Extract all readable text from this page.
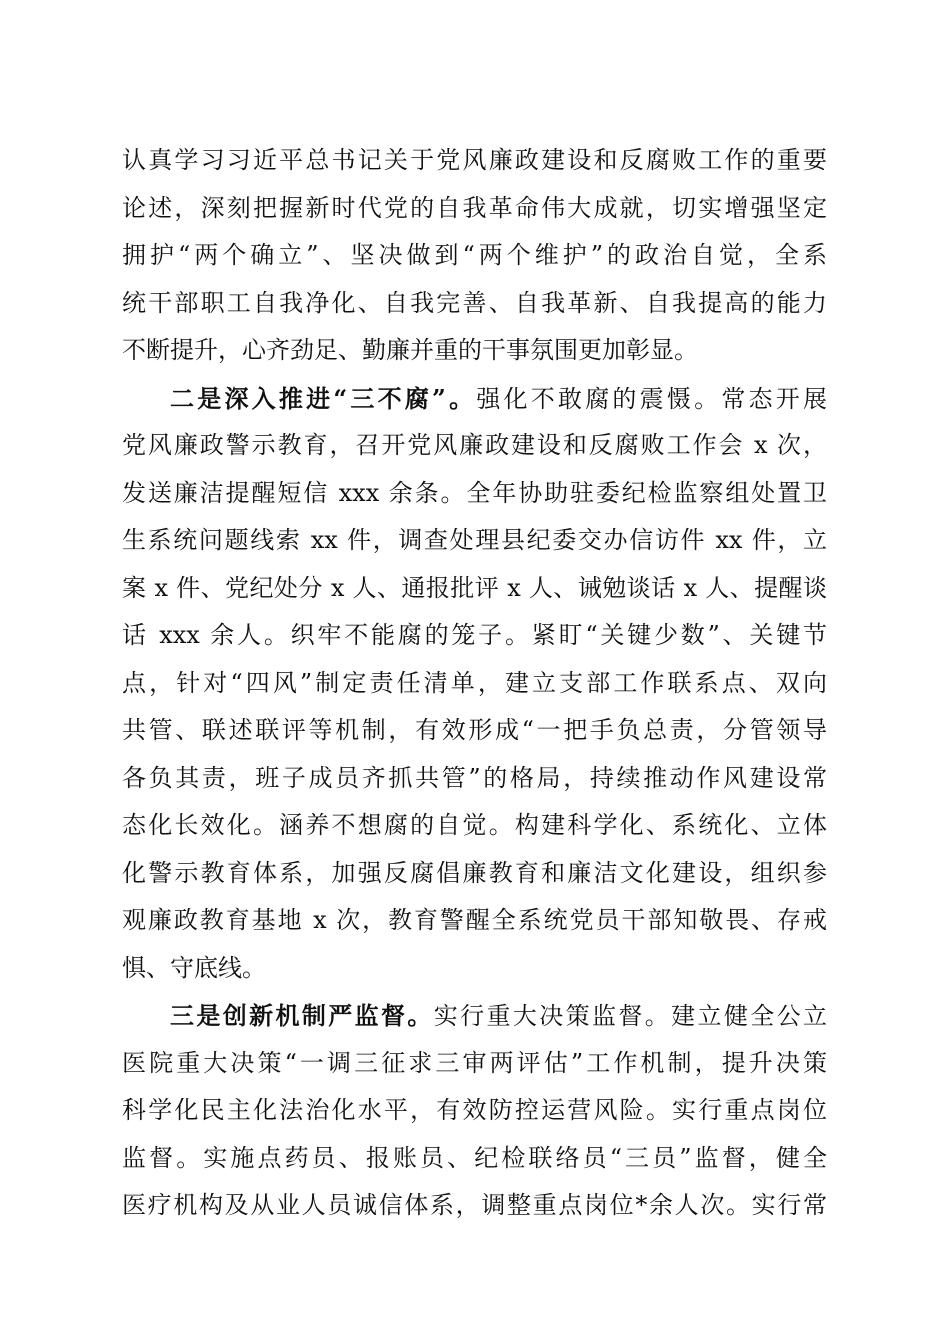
认真学习习近平总书记关于党风廉政建设和反腐败工作的重要
论述，深刻把握新时代党的自我革命伟大成就，切实增强坚定
拥护“两个确立”、坚决做到“两个维护”的政治自觉，全系
统干部职工自我净化、自我完善、自我革新、自我提高的能力
不断提升，心齐劲足、勤廉并重的干事氛围更加彰显。
二是深入推进“三不腐”。强化不敢腐的震慑。常态开展
党风廉政警示教育，召开党风廉政建设和反腐败工作会 x 次，
发送廉洁提醒短信 xxx 余条。全年协助驻委纪检监察组处置卫
生系统问题线索 xx 件，调查处理县纪委交办信访件 xx 件，立
案 x 件、党纪处分 x 人、通报批评 x 人、诫勉谈话 x 人、提醒谈
话 xxx 余人。织牢不能腐的笼子。紧盯“关键少数”、关键节
点，针对“四风”制定责任清单，建立支部工作联系点、双向
共管、联述联评等机制，有效形成“一把手负总责，分管领导
各负其责，班子成员齐抓共管”的格局，持续推动作风建设常
态化长效化。涵养不想腐的自觉。构建科学化、系统化、立体
化警示教育体系，加强反腐倡廉教育和廉洁文化建设，组织参
观廉政教育基地 x 次，教育警醒全系统党员干部知敬畏、存戒
惧、守底线。
三是创新机制严监督。实行重大决策监督。建立健全公立
医院重大决策“一调三征求三审两评估”工作机制，提升决策
科学化民主化法治化水平，有效防控运营风险。实行重点岗位
监督。实施点药员、报账员、纪检联络员“三员”监督，健全
医疗机构及从业人员诚信体系，调整重点岗位*余人次。实行常
